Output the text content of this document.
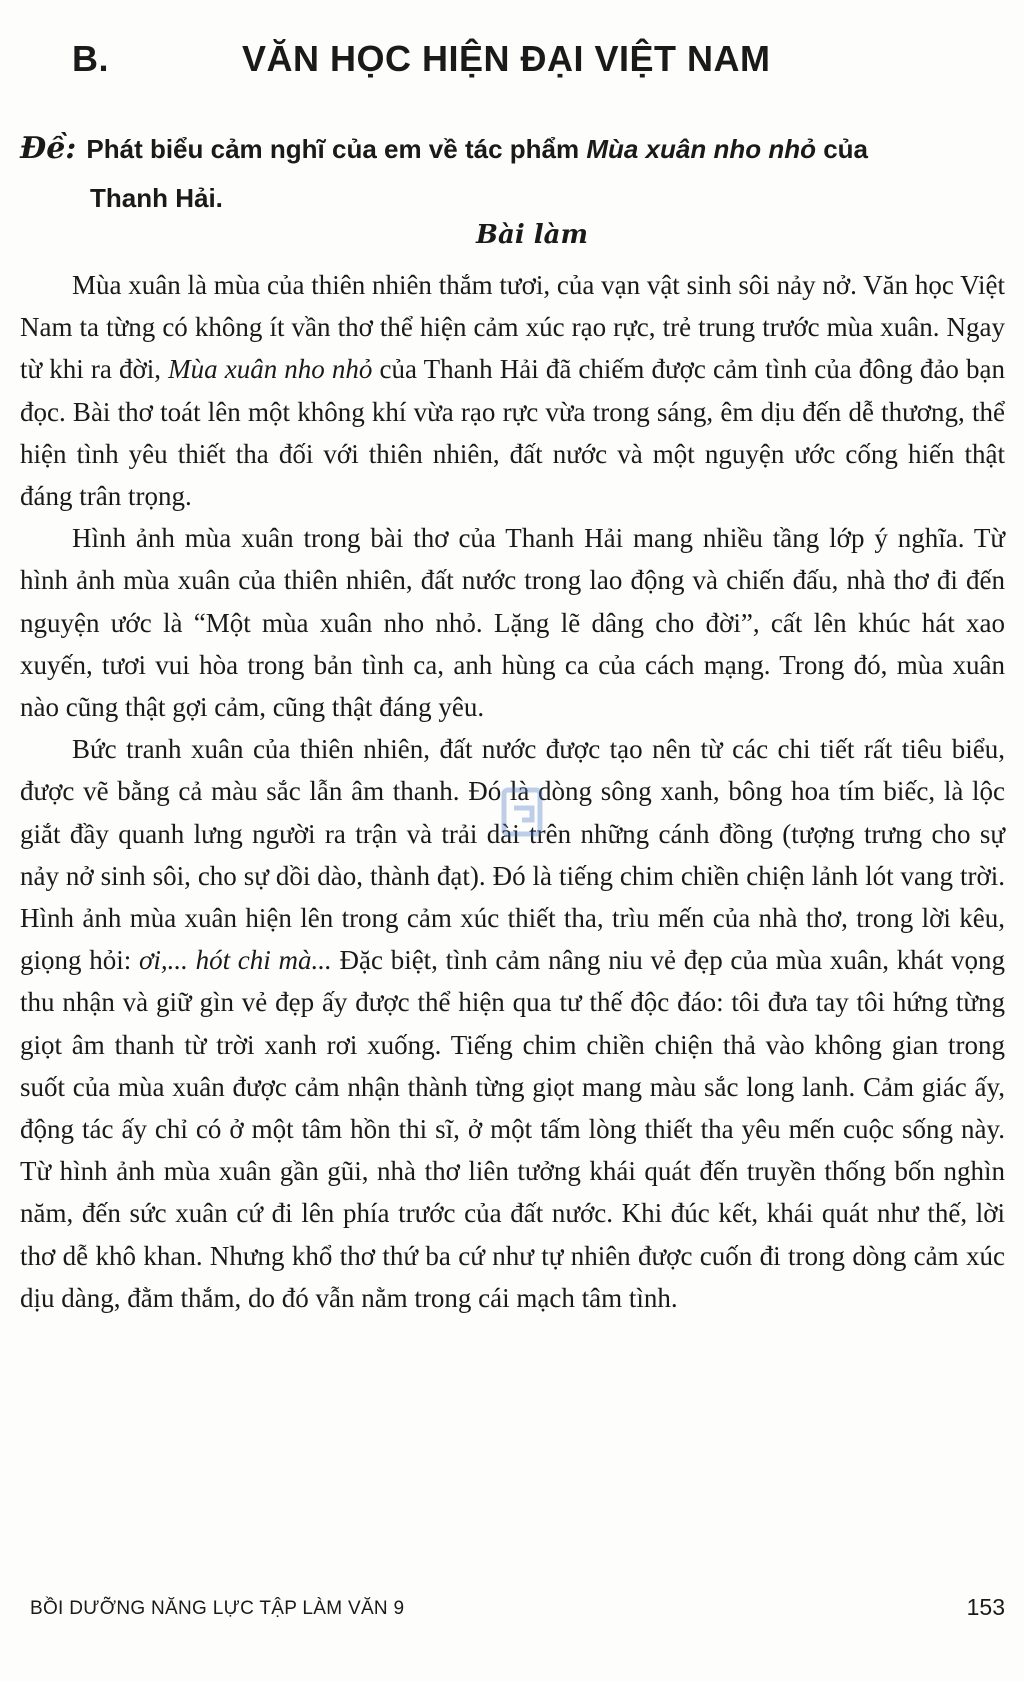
B.	VĂN HỌC HIỆN ĐẠI VIỆT NAM
Đề: Phát biểu cảm nghĩ của em về tác phẩm Mùa xuân nho nhỏ của
Thanh Hải.
Bài làm

Mùa xuân là mùa của thiên nhiên thắm tươi, của vạn vật sinh sôi nảy nở. Văn học Việt Nam ta từng có không ít vần thơ thể hiện cảm xúc rạo rực, trẻ trung trước mùa xuân. Ngay từ khi ra đời, Mùa xuân nho nhỏ của Thanh Hải đã chiếm được cảm tình của đông đảo bạn đọc. Bài thơ toát lên một không khí vừa rạo rực vừa trong sáng, êm dịu đến dễ thương, thể hiện tình yêu thiết tha đối với thiên nhiên, đất nước và một nguyện ước cống hiến thật đáng trân trọng.

Hình ảnh mùa xuân trong bài thơ của Thanh Hải mang nhiều tầng lớp ý nghĩa. Từ hình ảnh mùa xuân của thiên nhiên, đất nước trong lao động và chiến đấu, nhà thơ đi đến nguyện ước là “Một mùa xuân nho nhỏ. Lặng lẽ dâng cho đời”, cất lên khúc hát xao xuyến, tươi vui hòa trong bản tình ca, anh hùng ca của cách mạng. Trong đó, mùa xuân nào cũng thật gợi cảm, cũng thật đáng yêu.

Bức tranh xuân của thiên nhiên, đất nước được tạo nên từ các chi tiết rất tiêu biểu, được vẽ bằng cả màu sắc lẫn âm thanh. Đó là dòng sông xanh, bông hoa tím biếc, là lộc giắt đầy quanh lưng người ra trận và trải dài trên những cánh đồng (tượng trưng cho sự nảy nở sinh sôi, cho sự dồi dào, thành đạt). Đó là tiếng chim chiền chiện lảnh lót vang trời. Hình ảnh mùa xuân hiện lên trong cảm xúc thiết tha, trìu mến của nhà thơ, trong lời kêu, giọng hỏi: ơi,... hót chi mà... Đặc biệt, tình cảm nâng niu vẻ đẹp của mùa xuân, khát vọng thu nhận và giữ gìn vẻ đẹp ấy được thể hiện qua tư thế độc đáo: tôi đưa tay tôi hứng từng giọt âm thanh từ trời xanh rơi xuống. Tiếng chim chiền chiện thả vào không gian trong suốt của mùa xuân được cảm nhận thành từng giọt mang màu sắc long lanh. Cảm giác ấy, động tác ấy chỉ có ở một tâm hồn thi sĩ, ở một tấm lòng thiết tha yêu mến cuộc sống này. Từ hình ảnh mùa xuân gần gũi, nhà thơ liên tưởng khái quát đến truyền thống bốn nghìn năm, đến sức xuân cứ đi lên phía trước của đất nước. Khi đúc kết, khái quát như thế, lời thơ dễ khô khan. Nhưng khổ thơ thứ ba cứ như tự nhiên được cuốn đi trong dòng cảm xúc dịu dàng, đằm thắm, do đó vẫn nằm trong cái mạch tâm tình.

BỒI DƯỠNG NĂNG LỰC TẬP LÀM VĂN 9	153
